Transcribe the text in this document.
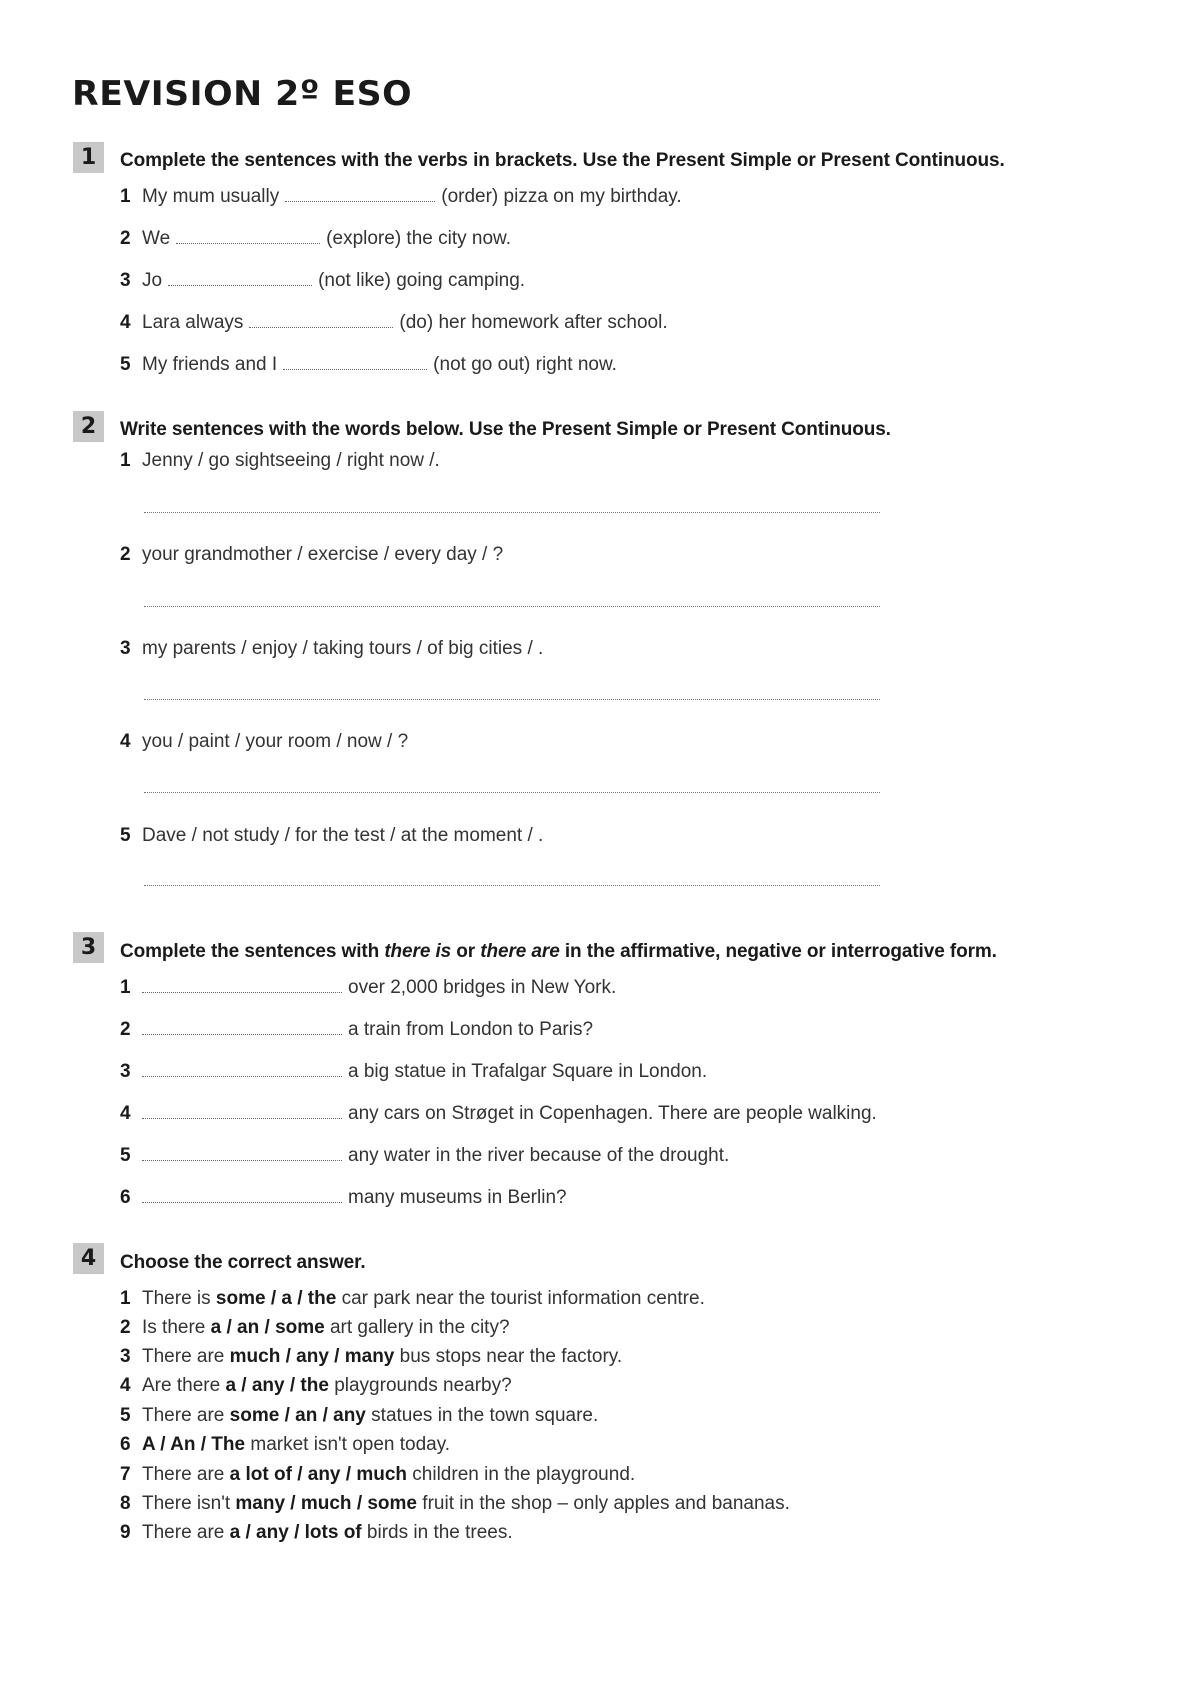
REVISION 2º ESO
1	Complete the sentences with the verbs in brackets. Use the Present Simple or Present Continuous.
1 My mum usually	(order) pizza on my birthday.
2 We	(explore) the city now.
3 Jo	(not like) going camping.
4 Lara always	(do) her homework after school.
5 My friends and I	(not go out) right now.
2	Write sentences with the words below. Use the Present Simple or Present Continuous.
1 Jenny / go sightseeing / right now /.
2 your grandmother / exercise / every day / ?
3 my parents / enjoy / taking tours / of big cities / .
4 you / paint / your room / now / ?
5 Dave / not study / for the test / at the moment / .
3	Complete the sentences with there is or there are in the affirmative, negative or interrogative form.
1	over 2,000 bridges in New York.
2	a train from London to Paris?
3	a big statue in Trafalgar Square in London.
4	any cars on Strøget in Copenhagen. There are people walking.
5	any water in the river because of the drought.
6	many museums in Berlin?
4	Choose the correct answer.
1 There is some / a / the car park near the tourist information centre.
2 Is there a / an / some art gallery in the city?
3 There are much / any / many bus stops near the factory.
4 Are there a / any / the playgrounds nearby?
5 There are some / an / any statues in the town square.
6 A / An / The market isn't open today.
7 There are a lot of / any / much children in the playground.
8 There isn't many / much / some fruit in the shop – only apples and bananas.
9 There are a / any / lots of birds in the trees.
